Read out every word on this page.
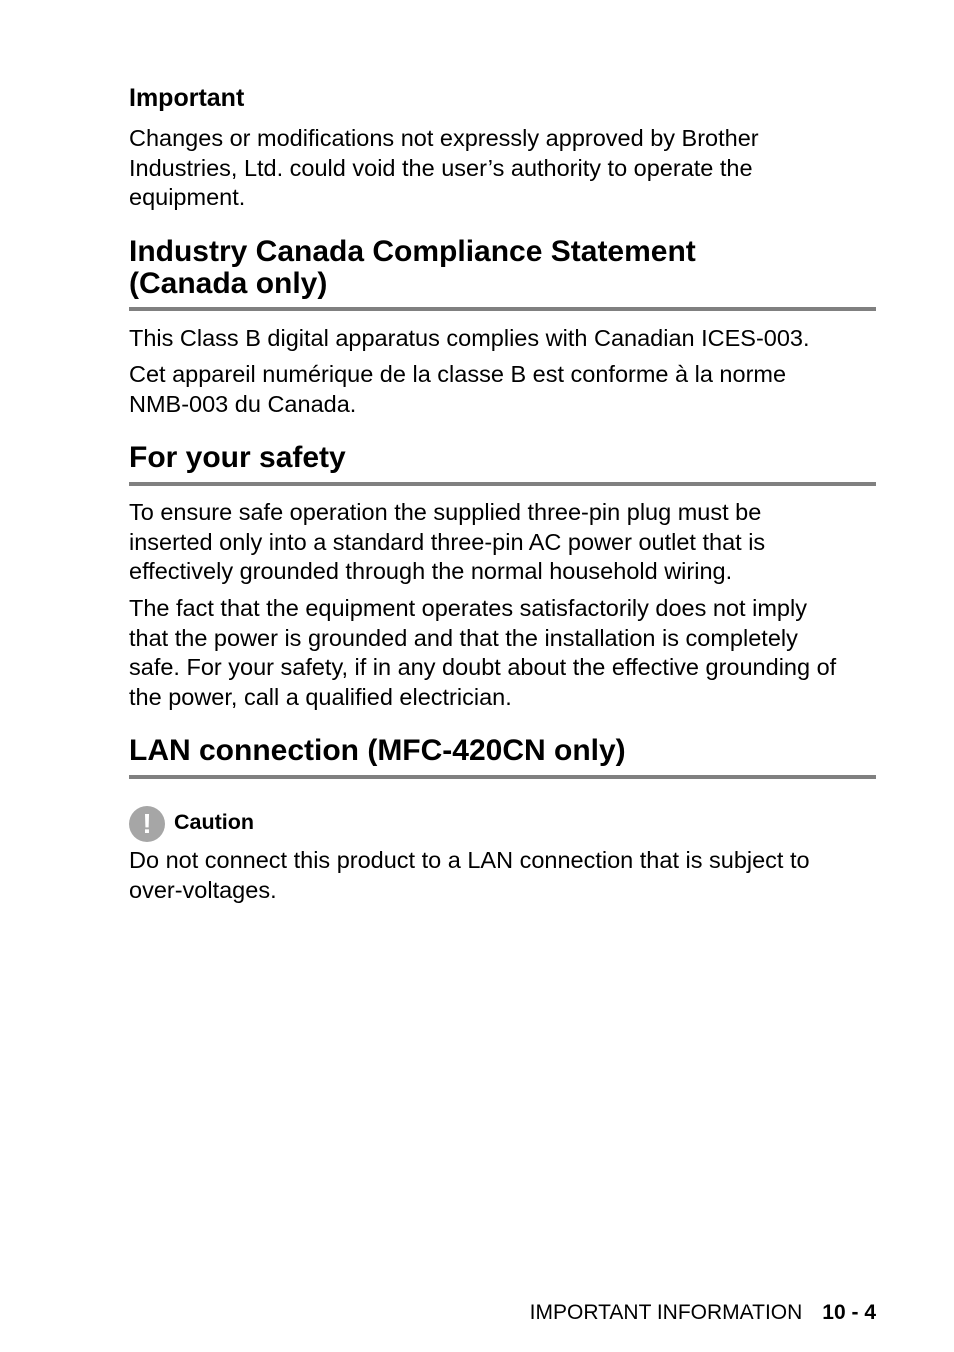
Important

Changes or modifications not expressly approved by Brother
Industries, Ltd. could void the user’s authority to operate the
equipment.

Industry Canada Compliance Statement
(Canada only)

This Class B digital apparatus complies with Canadian ICES-003.

Cet appareil numérique de la classe B est conforme à la norme
NMB-003 du Canada.

For your safety

To ensure safe operation the supplied three-pin plug must be
inserted only into a standard three-pin AC power outlet that is
effectively grounded through the normal household wiring.

The fact that the equipment operates satisfactorily does not imply
that the power is grounded and that the installation is completely
safe. For your safety, if in any doubt about the effective grounding of
the power, call a qualified electrician.

LAN connection (MFC-420CN only)
! Caution

Do not connect this product to a LAN connection that is subject to
over-voltages.

IMPORTANT INFORMATION 10 - 4
